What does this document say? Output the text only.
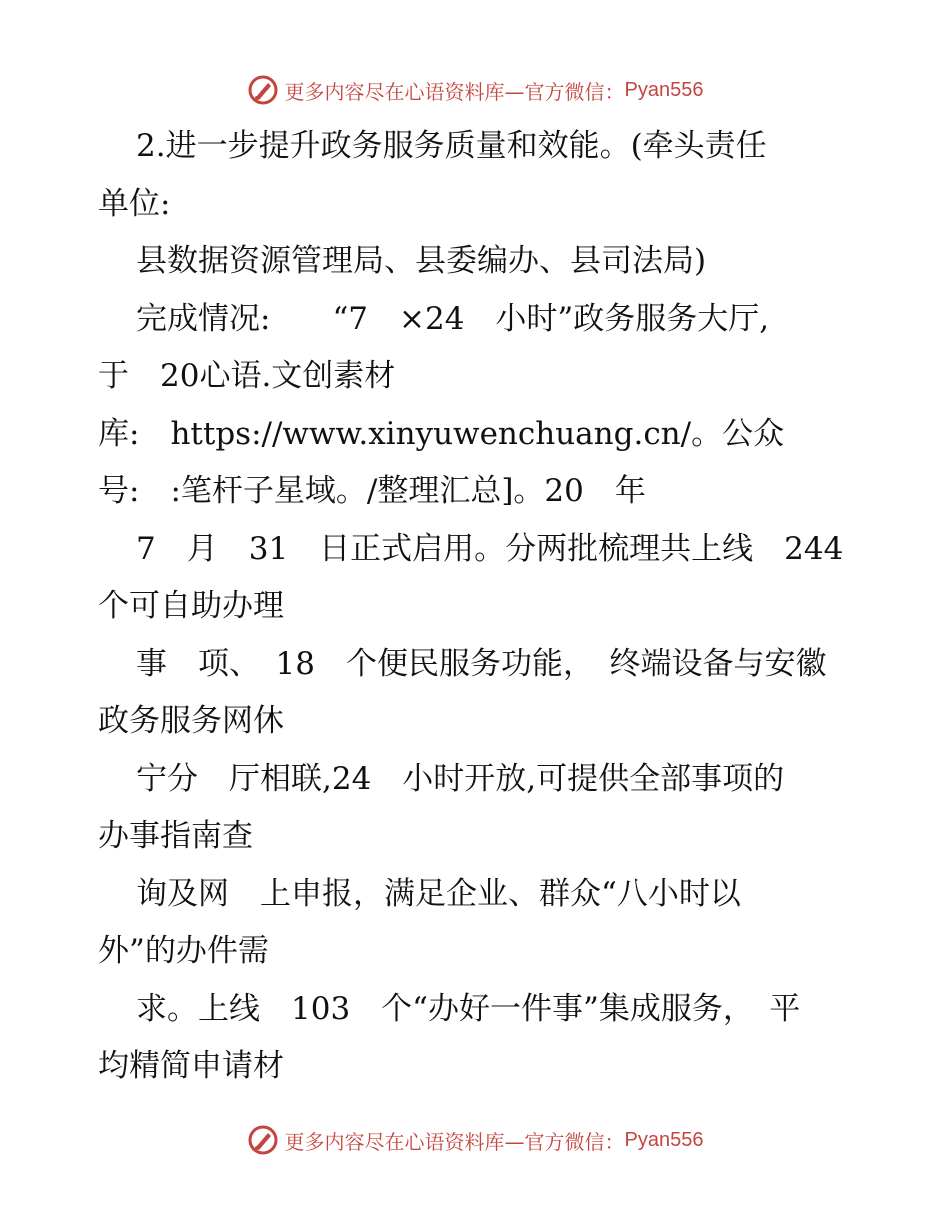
更多内容尽在心语资料库—官方微信： Pyan556
2.进一步提升政务服务质量和效能。(牵头责任
单位:
县数据资源管理局、县委编办、县司法局)
完成情况:　　“7　×24　小时”政务服务大厅,
于　20心语.文创素材
库:　https://www.xinyuwenchuang.cn/。公众
号:　:笔杆子星域。/整理汇总]。20　年
7　月　31　日正式启用。分两批梳理共上线　244
个可自助办理
事　项、　18　个便民服务功能，　终端设备与安徽
政务服务网休
宁分　厅相联,24　小时开放,可提供全部事项的
办事指南查
询及网　上申报，满足企业、群众“八小时以
外”的办件需
求。上线　103　个“办好一件事”集成服务，　平
均精简申请材
更多内容尽在心语资料库—官方微信： Pyan556
